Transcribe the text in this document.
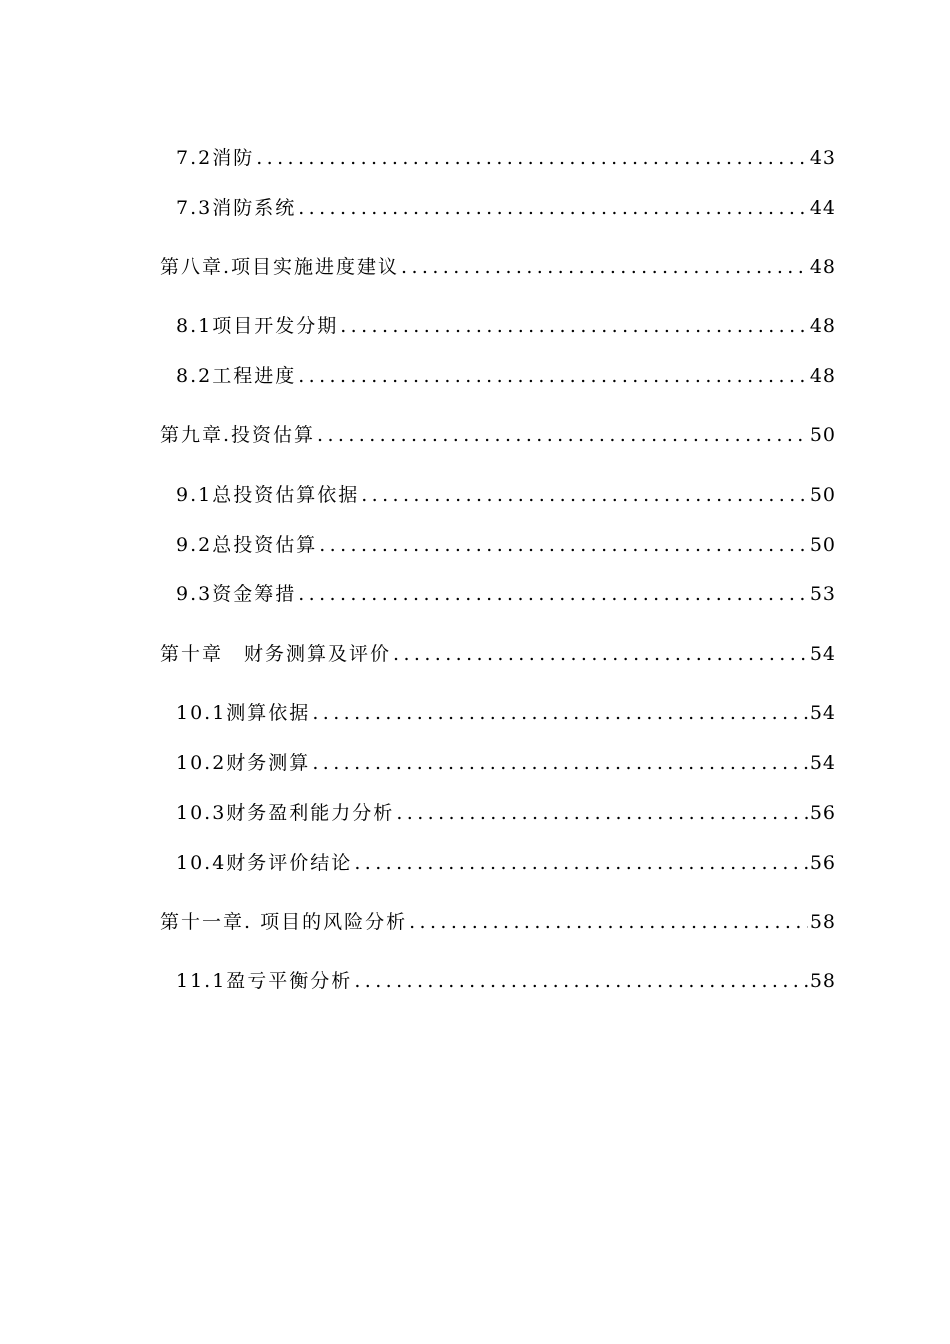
7.2消防 .....	43
7.3消防系统 .....	44
第八章.项目实施进度建议 .....	48
8.1项目开发分期 .....	48
8.2工程进度 .....	48
第九章.投资估算 .....	50
9.1总投资估算依据 .....	50
9.2总投资估算 .....	50
9.3资金筹措 .....	53
第十章　财务测算及评价 .....	54
10.1测算依据 .....	54
10.2财务测算 .....	54
10.3财务盈利能力分析 .....	56
10.4财务评价结论 .....	56
第十一章. 项目的风险分析 .....	58
11.1盈亏平衡分析 .....	58
